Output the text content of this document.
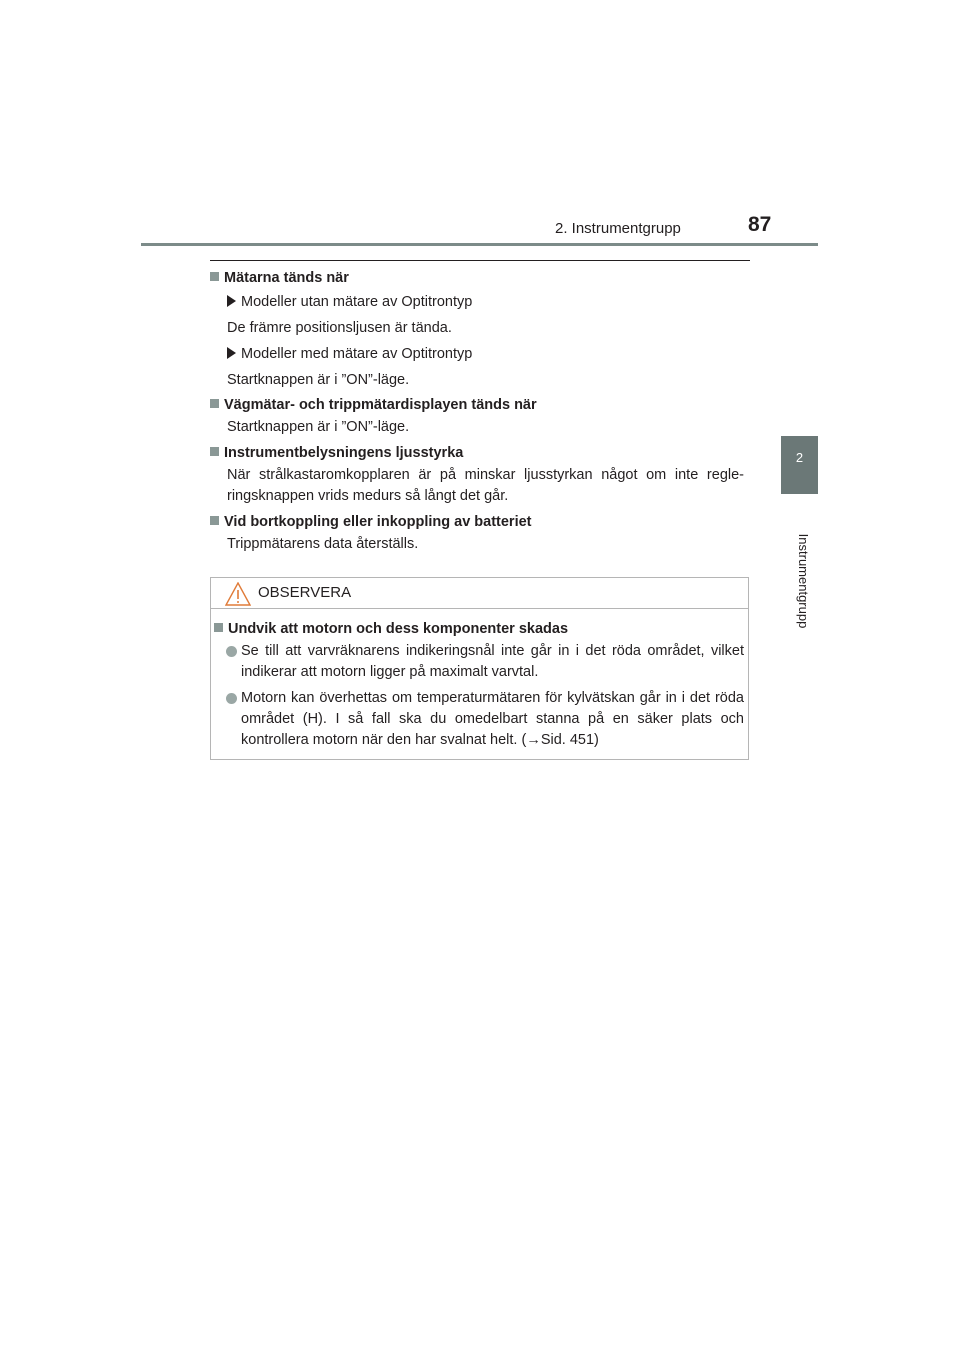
2. Instrumentgrupp	87
2
Instrumentgrupp
Mätarna tänds när
Modeller utan mätare av Optitrontyp
De främre positionsljusen är tända.
Modeller med mätare av Optitrontyp
Startknappen är i ”ON”-läge.
Vägmätar- och trippmätardisplayen tänds när
Startknappen är i ”ON”-läge.
Instrumentbelysningens ljusstyrka
När strålkastaromkopplaren är på minskar ljusstyrkan något om inte regle-ringsknappen vrids medurs så långt det går.
Vid bortkoppling eller inkoppling av batteriet
Trippmätarens data återställs.
OBSERVERA
Undvik att motorn och dess komponenter skadas
Se till att varvräknarens indikeringsnål inte går in i det röda området, vilket indikerar att motorn ligger på maximalt varvtal.
Motorn kan överhettas om temperaturmätaren för kylvätskan går in i det röda området (H). I så fall ska du omedelbart stanna på en säker plats och kontrollera motorn när den har svalnat helt. (→Sid. 451)
